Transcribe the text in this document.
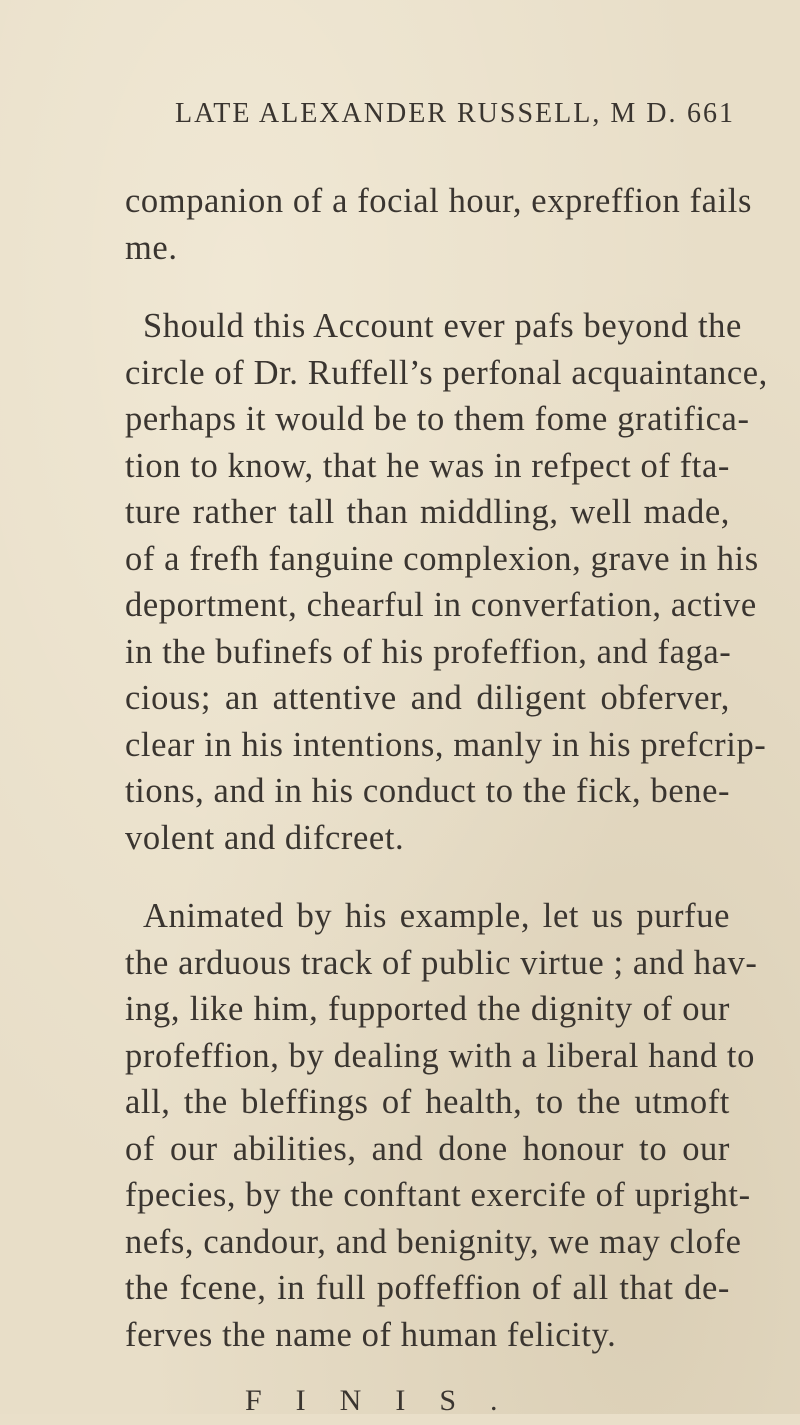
LATE ALEXANDER RUSSELL, M D. 661
companion of a focial hour, expreffion fails
me.
Should this Account ever pafs beyond the
circle of Dr. Ruffell’s perfonal acquaintance,
perhaps it would be to them fome gratifica-
tion to know, that he was in refpect of fta-
ture rather tall than middling, well made,
of a frefh fanguine complexion, grave in his
deportment, chearful in converfation, active
in the bufinefs of his profeffion, and faga-
cious; an attentive and diligent obferver,
clear in his intentions, manly in his prefcrip-
tions, and in his conduct to the fick, bene-
volent and difcreet.
Animated by his example, let us purfue
the arduous track of public virtue ; and hav-
ing, like him, fupported the dignity of our
profeffion, by dealing with a liberal hand to
all, the bleffings of health, to the utmoft
of our abilities, and done honour to our
fpecies, by the conftant exercife of upright-
nefs, candour, and benignity, we may clofe
the fcene, in full poffeffion of all that de-
ferves the name of human felicity.
FINIS.
